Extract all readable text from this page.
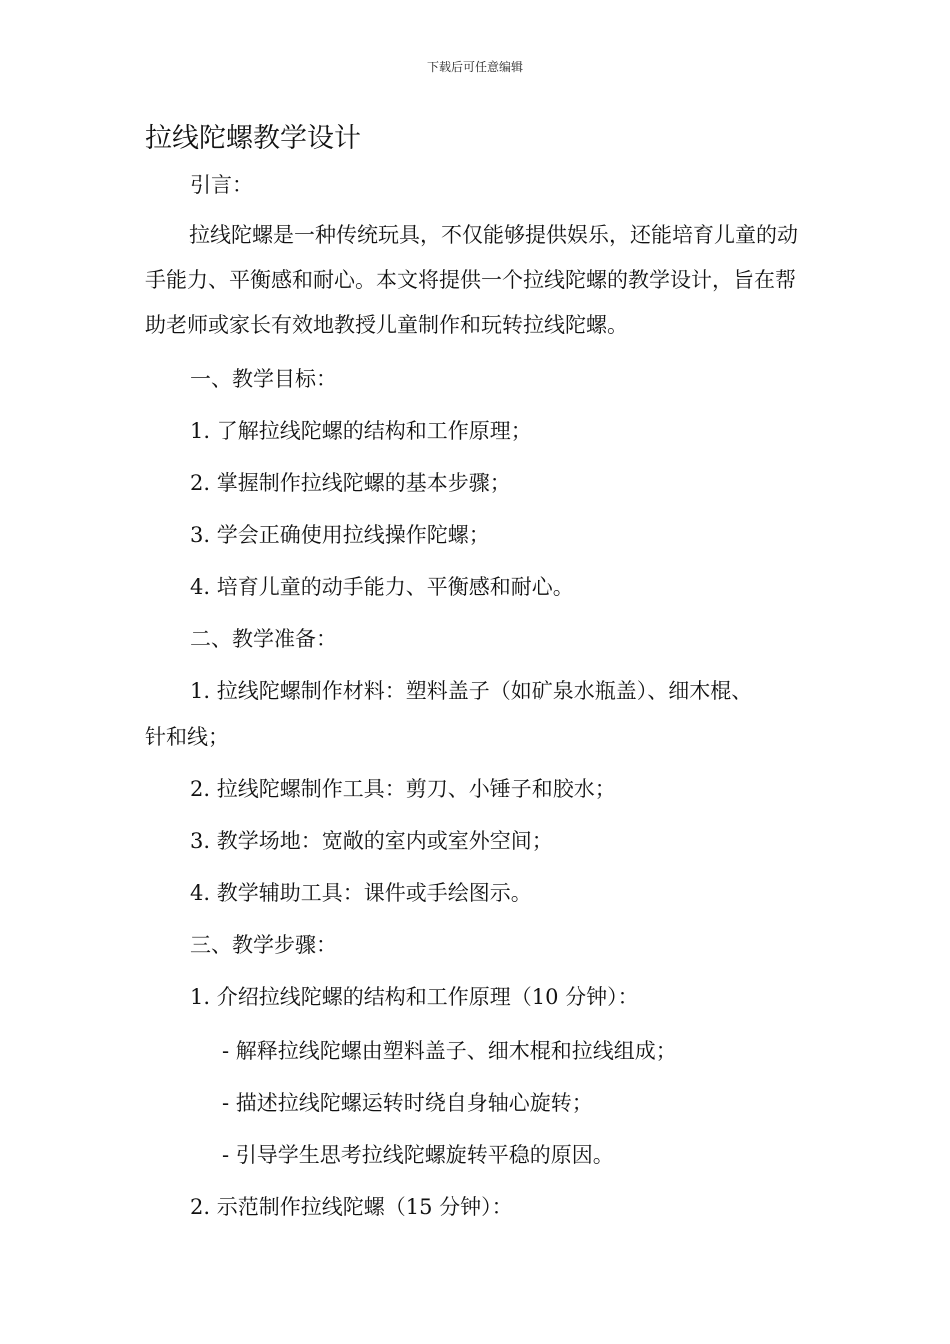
下载后可任意编辑
拉线陀螺教学设计
引言：

拉线陀螺是一种传统玩具，不仅能够提供娱乐，还能培育儿童的动手能力、平衡感和耐心。本文将提供一个拉线陀螺的教学设计，旨在帮助老师或家长有效地教授儿童制作和玩转拉线陀螺。

一、教学目标：
1. 了解拉线陀螺的结构和工作原理；
2. 掌握制作拉线陀螺的基本步骤；
3. 学会正确使用拉线操作陀螺；
4. 培育儿童的动手能力、平衡感和耐心。
二、教学准备：
1. 拉线陀螺制作材料：塑料盖子（如矿泉水瓶盖）、细木棍、
针和线；
2. 拉线陀螺制作工具：剪刀、小锤子和胶水；
3. 教学场地：宽敞的室内或室外空间；
4. 教学辅助工具：课件或手绘图示。
三、教学步骤：
1. 介绍拉线陀螺的结构和工作原理（10 分钟）：
- 解释拉线陀螺由塑料盖子、细木棍和拉线组成；
- 描述拉线陀螺运转时绕自身轴心旋转；
- 引导学生思考拉线陀螺旋转平稳的原因。
2. 示范制作拉线陀螺（15 分钟）：
